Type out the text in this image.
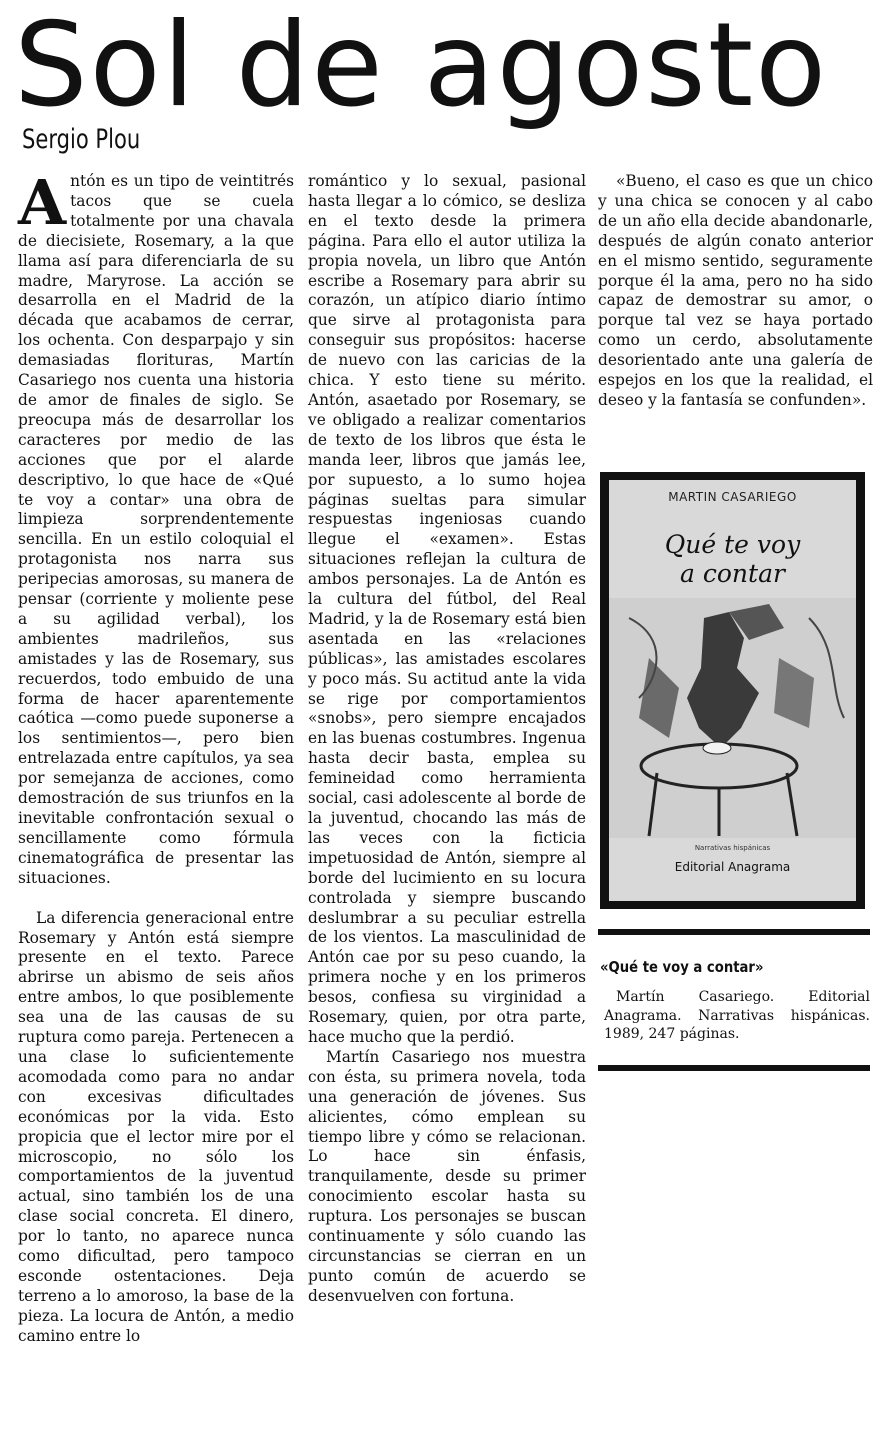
Sol de agosto
Sergio Plou

Antón es un tipo de veintitrés tacos que se cuela totalmente por una chavala de diecisiete, Rosemary, a la que llama así para diferenciarla de su madre, Maryrose. La acción se desarrolla en el Madrid de la década que acabamos de cerrar, los ochenta. Con desparpajo y sin demasiadas florituras, Martín Casariego nos cuenta una historia de amor de finales de siglo. Se preocupa más de desarrollar los caracteres por medio de las acciones que por el alarde descriptivo, lo que hace de «Qué te voy a contar» una obra de limpieza sorprendentemente sencilla. En un estilo coloquial el protagonista nos narra sus peripecias amorosas, su manera de pensar (corriente y moliente pese a su agilidad verbal), los ambientes madrileños, sus amistades y las de Rosemary, sus recuerdos, todo embuido de una forma de hacer aparentemente caótica —como puede suponerse a los sentimientos—, pero bien entrelazada entre capítulos, ya sea por semejanza de acciones, como demostración de sus triunfos en la inevitable confrontación sexual o sencillamente como fórmula cinematográfica de presentar las situaciones.

La diferencia generacional entre Rosemary y Antón está siempre presente en el texto. Parece abrirse un abismo de seis años entre ambos, lo que posiblemente sea una de las causas de su ruptura como pareja. Pertenecen a una clase lo suficientemente acomodada como para no andar con excesivas dificultades económicas por la vida. Esto propicia que el lector mire por el microscopio, no sólo los comportamientos de la juventud actual, sino también los de una clase social concreta. El dinero, por lo tanto, no aparece nunca como dificultad, pero tampoco esconde ostentaciones. Deja terreno a lo amoroso, la base de la pieza. La locura de Antón, a medio camino entre lo

romántico y lo sexual, pasional hasta llegar a lo cómico, se desliza en el texto desde la primera página. Para ello el autor utiliza la propia novela, un libro que Antón escribe a Rosemary para abrir su corazón, un atípico diario íntimo que sirve al protagonista para conseguir sus propósitos: hacerse de nuevo con las caricias de la chica. Y esto tiene su mérito. Antón, asaetado por Rosemary, se ve obligado a realizar comentarios de texto de los libros que ésta le manda leer, libros que jamás lee, por supuesto, a lo sumo hojea páginas sueltas para simular respuestas ingeniosas cuando llegue el «examen». Estas situaciones reflejan la cultura de ambos personajes. La de Antón es la cultura del fútbol, del Real Madrid, y la de Rosemary está bien asentada en las «relaciones públicas», las amistades escolares y poco más. Su actitud ante la vida se rige por comportamientos «snobs», pero siempre encajados en las buenas costumbres. Ingenua hasta decir basta, emplea su femineidad como herramienta social, casi adolescente al borde de la juventud, chocando las más de las veces con la ficticia impetuosidad de Antón, siempre al borde del lucimiento en su locura controlada y siempre buscando deslumbrar a su peculiar estrella de los vientos. La masculinidad de Antón cae por su peso cuando, la primera noche y en los primeros besos, confiesa su virginidad a Rosemary, quien, por otra parte, hace mucho que la perdió.

Martín Casariego nos muestra con ésta, su primera novela, toda una generación de jóvenes. Sus alicientes, cómo emplean su tiempo libre y cómo se relacionan. Lo hace sin énfasis, tranquilamente, desde su primer conocimiento escolar hasta su ruptura. Los personajes se buscan continuamente y sólo cuando las circunstancias se cierran en un punto común de acuerdo se desenvuelven con fortuna.

«Bueno, el caso es que un chico y una chica se conocen y al cabo de un año ella decide abandonarle, después de algún conato anterior en el mismo sentido, seguramente porque él la ama, pero no ha sido capaz de demostrar su amor, o porque tal vez se haya portado como un cerdo, absolutamente desorientado ante una galería de espejos en los que la realidad, el deseo y la fantasía se confunden».

MARTIN CASARIEGO
Qué te voy
a contar
Narrativas hispánicas
Editorial Anagrama
«Qué te voy a contar»
Martín Casariego. Editorial Anagrama. Narrativas hispánicas. 1989, 247 páginas.
